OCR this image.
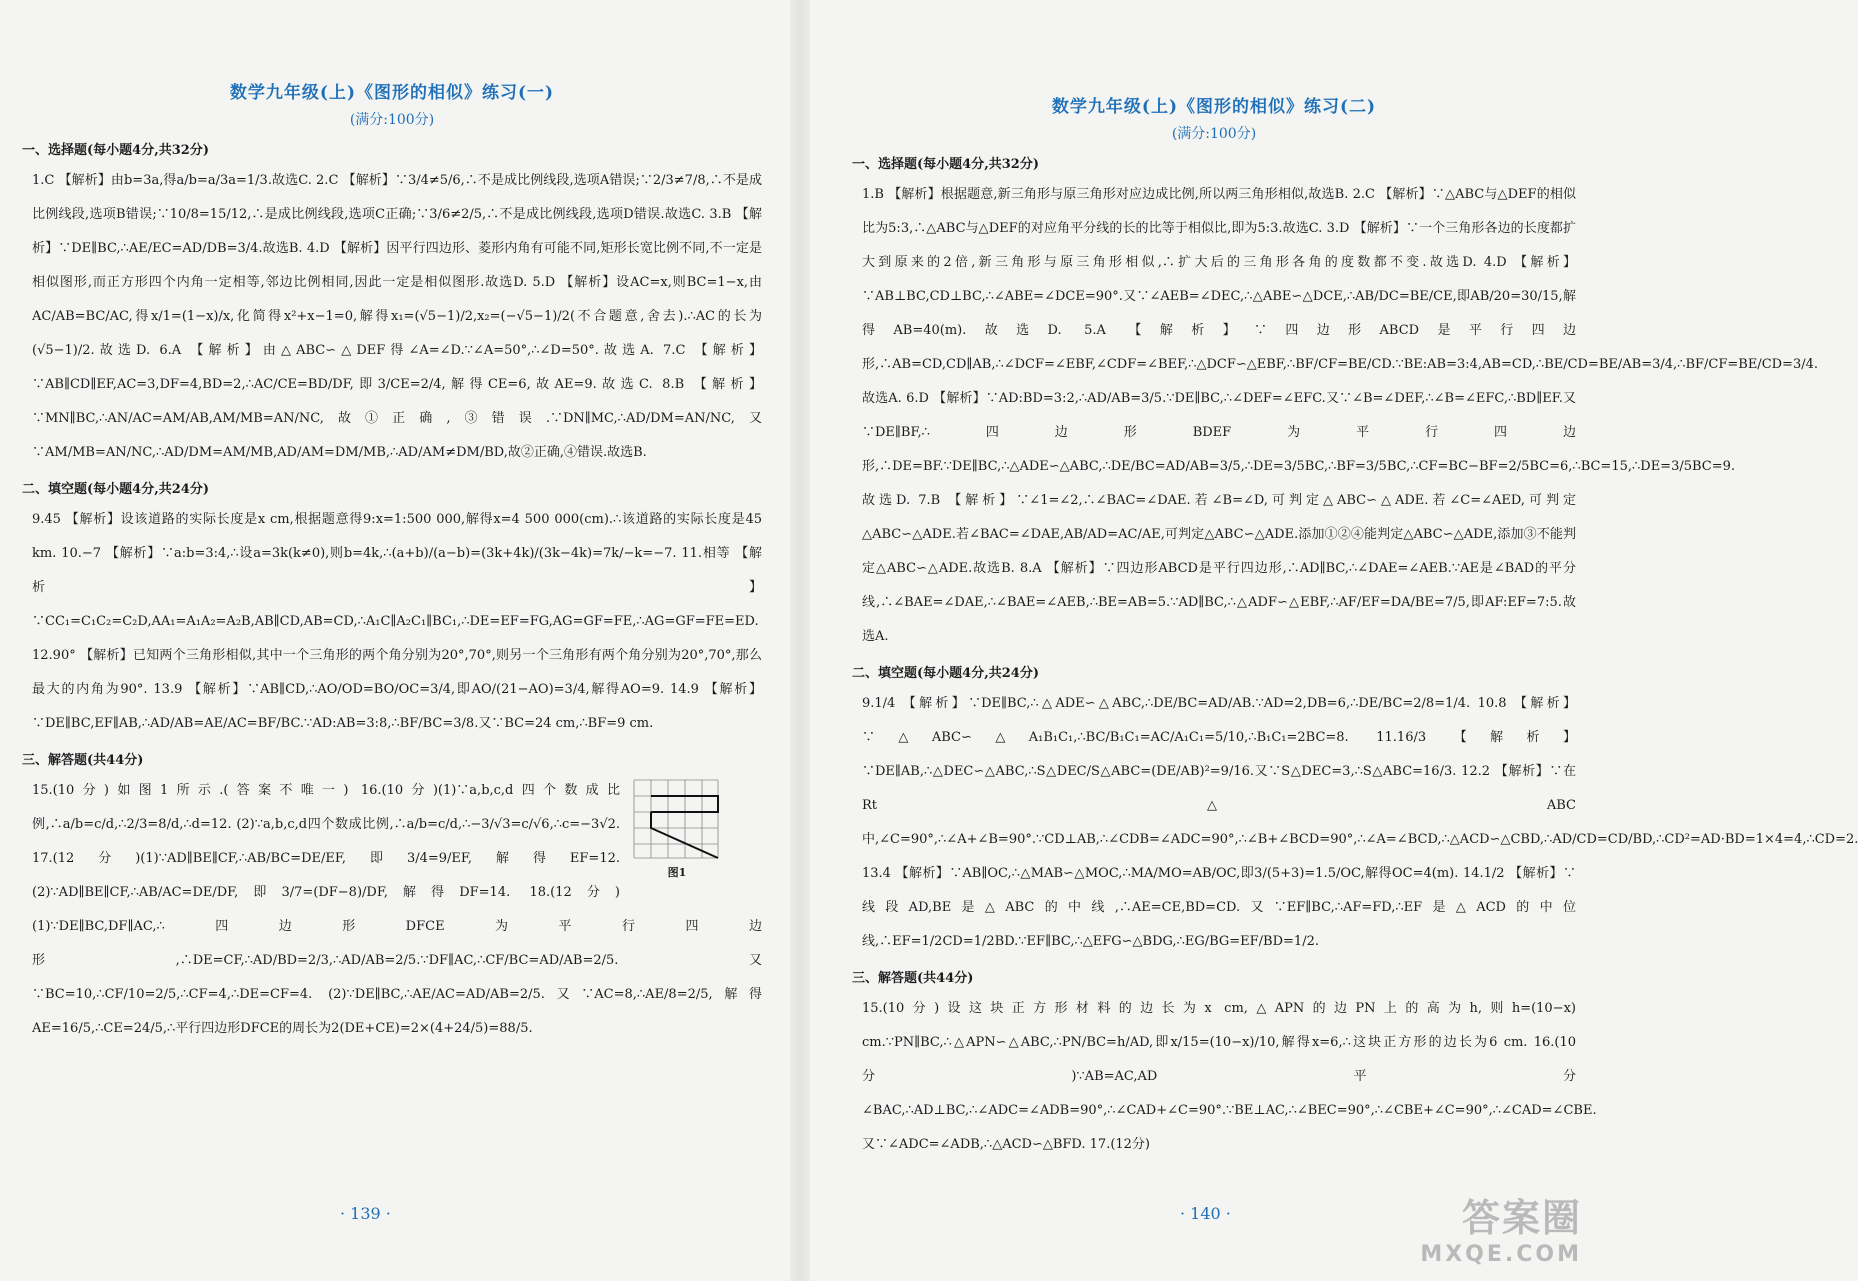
数学九年级(上)《图形的相似》练习(一)
(满分:100分)
一、选择题(每小题4分,共32分)

1.C 【解析】由b=3a,得a/b=a/3a=1/3.故选C. 2.C 【解析】∵3/4≠5/6,∴不是成比例线段,选项A错误;∵2/3≠7/8,∴不是成比例线段,选项B错误;∵10/8=15/12,∴是成比例线段,选项C正确;∵3/6≠2/5,∴不是成比例线段,选项D错误.故选C. 3.B 【解析】∵DE∥BC,∴AE/EC=AD/DB=3/4.故选B. 4.D 【解析】因平行四边形、菱形内角有可能不同,矩形长宽比例不同,不一定是相似图形,而正方形四个内角一定相等,邻边比例相同,因此一定是相似图形.故选D. 5.D 【解析】设AC=x,则BC=1−x,由AC/AB=BC/AC,得x/1=(1−x)/x,化简得x²+x−1=0,解得x₁=(√5−1)/2,x₂=(−√5−1)/2(不合题意,舍去).∴AC的长为(√5−1)/2.故选D. 6.A 【解析】由△ABC∽△DEF得∠A=∠D.∵∠A=50°,∴∠D=50°.故选A. 7.C 【解析】∵AB∥CD∥EF,AC=3,DF=4,BD=2,∴AC/CE=BD/DF,即3/CE=2/4,解得CE=6,故AE=9.故选C. 8.B 【解析】∵MN∥BC,∴AN/AC=AM/AB,AM/MB=AN/NC,故①正确,③错误.∵DN∥MC,∴AD/DM=AN/NC,又∵AM/MB=AN/NC,∴AD/DM=AM/MB,AD/AM=DM/MB,∴AD/AM≠DM/BD,故②正确,④错误.故选B.

二、填空题(每小题4分,共24分)

9.45 【解析】设该道路的实际长度是x cm,根据题意得9:x=1:500 000,解得x=4 500 000(cm).∴该道路的实际长度是45 km. 10.−7 【解析】∵a:b=3:4,∴设a=3k(k≠0),则b=4k,∴(a+b)/(a−b)=(3k+4k)/(3k−4k)=7k/−k=−7. 11.相等 【解析】∵CC₁=C₁C₂=C₂D,AA₁=A₁A₂=A₂B,AB∥CD,AB=CD,∴A₁C∥A₂C₁∥BC₁,∴DE=EF=FG,AG=GF=FE,∴AG=GF=FE=ED. 12.90° 【解析】已知两个三角形相似,其中一个三角形的两个角分别为20°,70°,则另一个三角形有两个角分别为20°,70°,那么最大的内角为90°. 13.9 【解析】∵AB∥CD,∴AO/OD=BO/OC=3/4,即AO/(21−AO)=3/4,解得AO=9. 14.9 【解析】∵DE∥BC,EF∥AB,∴AD/AB=AE/AC=BF/BC.∵AD:AB=3:8,∴BF/BC=3/8.又∵BC=24 cm,∴BF=9 cm.

三、解答题(共44分)
图1

15.(10分)如图1所示.(答案不唯一) 16.(10分)(1)∵a,b,c,d四个数成比例,∴a/b=c/d,∴2/3=8/d,∴d=12. (2)∵a,b,c,d四个数成比例,∴a/b=c/d,∴−3/√3=c/√6,∴c=−3√2. 17.(12分)(1)∵AD∥BE∥CF,∴AB/BC=DE/EF,即3/4=9/EF,解得EF=12. (2)∵AD∥BE∥CF,∴AB/AC=DE/DF,即3/7=(DF−8)/DF,解得DF=14. 18.(12分)(1)∵DE∥BC,DF∥AC,∴四边形DFCE为平行四边形,∴DE=CF,∴AD/BD=2/3,∴AD/AB=2/5.∵DF∥AC,∴CF/BC=AD/AB=2/5.又∵BC=10,∴CF/10=2/5,∴CF=4,∴DE=CF=4. (2)∵DE∥BC,∴AE/AC=AD/AB=2/5.又∵AC=8,∴AE/8=2/5,解得AE=16/5,∴CE=24/5,∴平行四边形DFCE的周长为2(DE+CE)=2×(4+24/5)=88/5.

· 139 ·
数学九年级(上)《图形的相似》练习(二)
(满分:100分)
一、选择题(每小题4分,共32分)

1.B 【解析】根据题意,新三角形与原三角形对应边成比例,所以两三角形相似,故选B. 2.C 【解析】∵△ABC与△DEF的相似比为5:3,∴△ABC与△DEF的对应角平分线的长的比等于相似比,即为5:3.故选C. 3.D 【解析】∵一个三角形各边的长度都扩大到原来的2倍,新三角形与原三角形相似,∴扩大后的三角形各角的度数都不变.故选D. 4.D 【解析】∵AB⊥BC,CD⊥BC,∴∠ABE=∠DCE=90°.又∵∠AEB=∠DEC,∴△ABE∽△DCE,∴AB/DC=BE/CE,即AB/20=30/15,解得AB=40(m).故选D. 5.A 【解析】∵四边形ABCD是平行四边形,∴AB=CD,CD∥AB,∴∠DCF=∠EBF,∠CDF=∠BEF,∴△DCF∽△EBF,∴BF/CF=BE/CD.∵BE:AB=3:4,AB=CD,∴BE/CD=BE/AB=3/4,∴BF/CF=BE/CD=3/4.故选A. 6.D 【解析】∵AD:BD=3:2,∴AD/AB=3/5.∵DE∥BC,∴∠DEF=∠EFC.又∵∠B=∠DEF,∴∠B=∠EFC,∴BD∥EF.又∵DE∥BF,∴四边形BDEF为平行四边形,∴DE=BF.∵DE∥BC,∴△ADE∽△ABC,∴DE/BC=AD/AB=3/5,∴DE=3/5BC,∴BF=3/5BC,∴CF=BC−BF=2/5BC=6,∴BC=15,∴DE=3/5BC=9.故选D. 7.B 【解析】∵∠1=∠2,∴∠BAC=∠DAE.若∠B=∠D,可判定△ABC∽△ADE.若∠C=∠AED,可判定△ABC∽△ADE.若∠BAC=∠DAE,AB/AD=AC/AE,可判定△ABC∽△ADE.添加①②④能判定△ABC∽△ADE,添加③不能判定△ABC∽△ADE.故选B. 8.A 【解析】∵四边形ABCD是平行四边形,∴AD∥BC,∴∠DAE=∠AEB.∵AE是∠BAD的平分线,∴∠BAE=∠DAE,∴∠BAE=∠AEB,∴BE=AB=5.∵AD∥BC,∴△ADF∽△EBF,∴AF/EF=DA/BE=7/5,即AF:EF=7:5.故选A.

二、填空题(每小题4分,共24分)

9.1/4 【解析】∵DE∥BC,∴△ADE∽△ABC,∴DE/BC=AD/AB.∵AD=2,DB=6,∴DE/BC=2/8=1/4. 10.8 【解析】∵△ABC∽△A₁B₁C₁,∴BC/B₁C₁=AC/A₁C₁=5/10,∴B₁C₁=2BC=8. 11.16/3 【解析】∵DE∥AB,∴△DEC∽△ABC,∴S△DEC/S△ABC=(DE/AB)²=9/16.又∵S△DEC=3,∴S△ABC=16/3. 12.2 【解析】∵在Rt△ABC中,∠C=90°,∴∠A+∠B=90°.∵CD⊥AB,∴∠CDB=∠ADC=90°,∴∠B+∠BCD=90°,∴∠A=∠BCD,∴△ACD∽△CBD,∴AD/CD=CD/BD,∴CD²=AD·BD=1×4=4,∴CD=2. 13.4 【解析】∵AB∥OC,∴△MAB∽△MOC,∴MA/MO=AB/OC,即3/(5+3)=1.5/OC,解得OC=4(m). 14.1/2 【解析】∵线段AD,BE是△ABC的中线,∴AE=CE,BD=CD.又∵EF∥BC,∴AF=FD,∴EF是△ACD的中位线,∴EF=1/2CD=1/2BD.∵EF∥BC,∴△EFG∽△BDG,∴EG/BG=EF/BD=1/2.

三、解答题(共44分)

15.(10分)设这块正方形材料的边长为x cm,△APN的边PN上的高为h,则h=(10−x) cm.∵PN∥BC,∴△APN∽△ABC,∴PN/BC=h/AD,即x/15=(10−x)/10,解得x=6,∴这块正方形的边长为6 cm. 16.(10分)∵AB=AC,AD平分∠BAC,∴AD⊥BC,∴∠ADC=∠ADB=90°,∴∠CAD+∠C=90°.∵BE⊥AC,∴∠BEC=90°,∴∠CBE+∠C=90°,∴∠CAD=∠CBE.又∵∠ADC=∠ADB,∴△ACD∽△BFD. 17.(12分)

· 140 ·	答案圈
MXQE.COM
